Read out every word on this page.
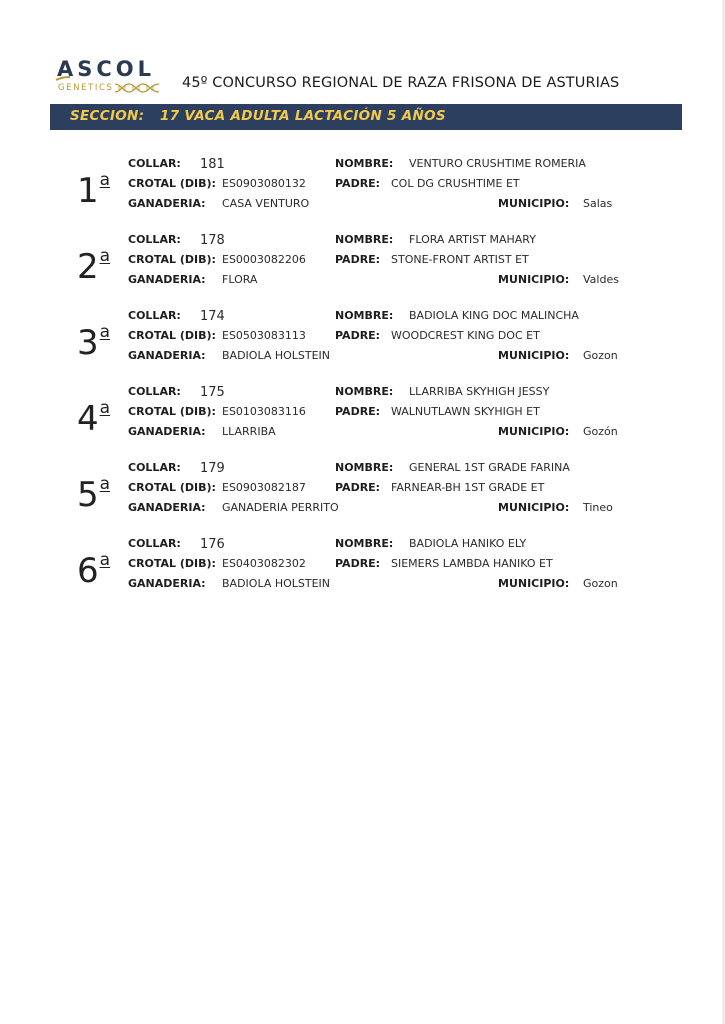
ASCOL
GENETICS	45º CONCURSO REGIONAL DE RAZA FRISONA DE ASTURIAS
SECCION: 17 VACA ADULTA LACTACIÓN 5 AÑOS
1$^a$
COLLAR: 181
CROTAL (DIB): ES0903080132
GANADERIA: CASA VENTURO
NOMBRE: VENTURO CRUSHTIME ROMERIA
PADRE: COL DG CRUSHTIME ET
MUNICIPIO: Salas
2$^a$
COLLAR: 178
CROTAL (DIB): ES0003082206
GANADERIA: FLORA
NOMBRE: FLORA ARTIST MAHARY
PADRE: STONE-FRONT ARTIST ET
MUNICIPIO: Valdes
3$^a$
COLLAR: 174
CROTAL (DIB): ES0503083113
GANADERIA: BADIOLA HOLSTEIN
NOMBRE: BADIOLA KING DOC MALINCHA
PADRE: WOODCREST KING DOC ET
MUNICIPIO: Gozon
4$^a$
COLLAR: 175
CROTAL (DIB): ES0103083116
GANADERIA: LLARRIBA
NOMBRE: LLARRIBA SKYHIGH JESSY
PADRE: WALNUTLAWN SKYHIGH ET
MUNICIPIO: Gozón
5$^a$
COLLAR: 179
CROTAL (DIB): ES0903082187
GANADERIA: GANADERIA PERRITO
NOMBRE: GENERAL 1ST GRADE FARINA
PADRE: FARNEAR-BH 1ST GRADE ET
MUNICIPIO: Tineo
6$^a$
COLLAR: 176
CROTAL (DIB): ES0403082302
GANADERIA: BADIOLA HOLSTEIN
NOMBRE: BADIOLA HANIKO ELY
PADRE: SIEMERS LAMBDA HANIKO ET
MUNICIPIO: Gozon
